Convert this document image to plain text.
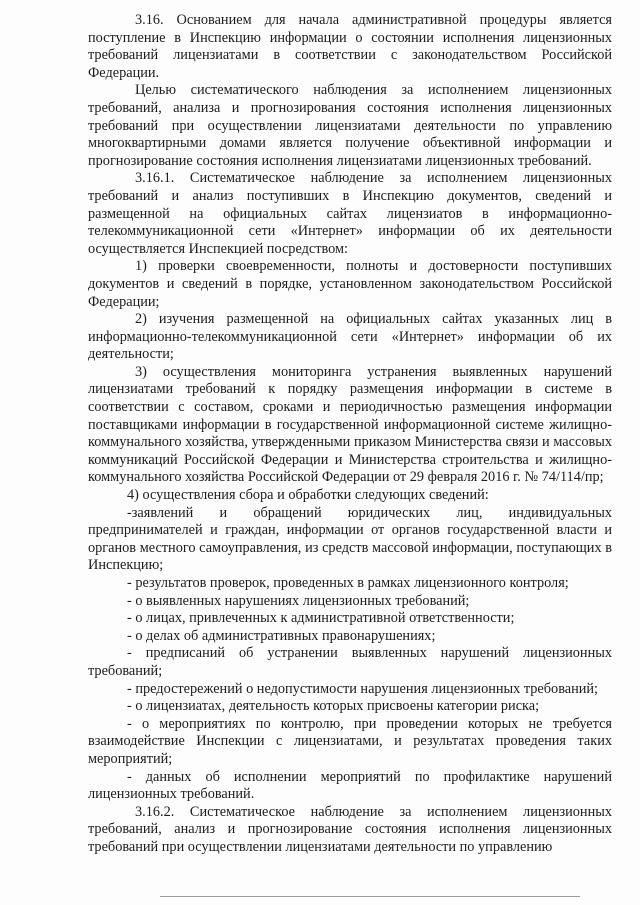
3.16. Основанием для начала административной процедуры является поступление в Инспекцию информации о состоянии исполнения лицензионных требований лицензиатами в соответствии с законодательством Российской Федерации.

Целью систематического наблюдения за исполнением лицензионных требований, анализа и прогнозирования состояния исполнения лицензионных требований при осуществлении лицензиатами деятельности по управлению многоквартирными домами является получение объективной информации и прогнозирование состояния исполнения лицензиатами лицензионных требований.

3.16.1. Систематическое наблюдение за исполнением лицензионных требований и анализ поступивших в Инспекцию документов, сведений и размещенной на официальных сайтах лицензиатов в информационно-телекоммуникационной сети «Интернет» информации об их деятельности осуществляется Инспекцией посредством:

1) проверки своевременности, полноты и достоверности поступивших документов и сведений в порядке, установленном законодательством Российской Федерации;

2) изучения размещенной на официальных сайтах указанных лиц в информационно-телекоммуникационной сети «Интернет» информации об их деятельности;

3) осуществления мониторинга устранения выявленных нарушений лицензиатами требований к порядку размещения информации в системе в соответствии с составом, сроками и периодичностью размещения информации поставщиками информации в государственной информационной системе жилищно-коммунального хозяйства, утвержденными приказом Министерства связи и массовых коммуникаций Российской Федерации и Министерства строительства и жилищно-коммунального хозяйства Российской Федерации от 29 февраля 2016 г. № 74/114/пр;

4) осуществления сбора и обработки следующих сведений:

-заявлений и обращений юридических лиц, индивидуальных предпринимателей и граждан, информации от органов государственной власти и органов местного самоуправления, из средств массовой информации, поступающих в Инспекцию;

- результатов проверок, проведенных в рамках лицензионного контроля;

- о выявленных нарушениях лицензионных требований;

- о лицах, привлеченных к административной ответственности;

- о делах об административных правонарушениях;

- предписаний об устранении выявленных нарушений лицензионных требований;

- предостережений о недопустимости нарушения лицензионных требований;

- о лицензиатах, деятельность которых присвоены категории риска;

- о мероприятиях по контролю, при проведении которых не требуется взаимодействие Инспекции с лицензиатами, и результатах проведения таких мероприятий;

- данных об исполнении мероприятий по профилактике нарушений лицензионных требований.

3.16.2. Систематическое наблюдение за исполнением лицензионных требований, анализ и прогнозирование состояния исполнения лицензионных требований при осуществлении лицензиатами деятельности по управлению
